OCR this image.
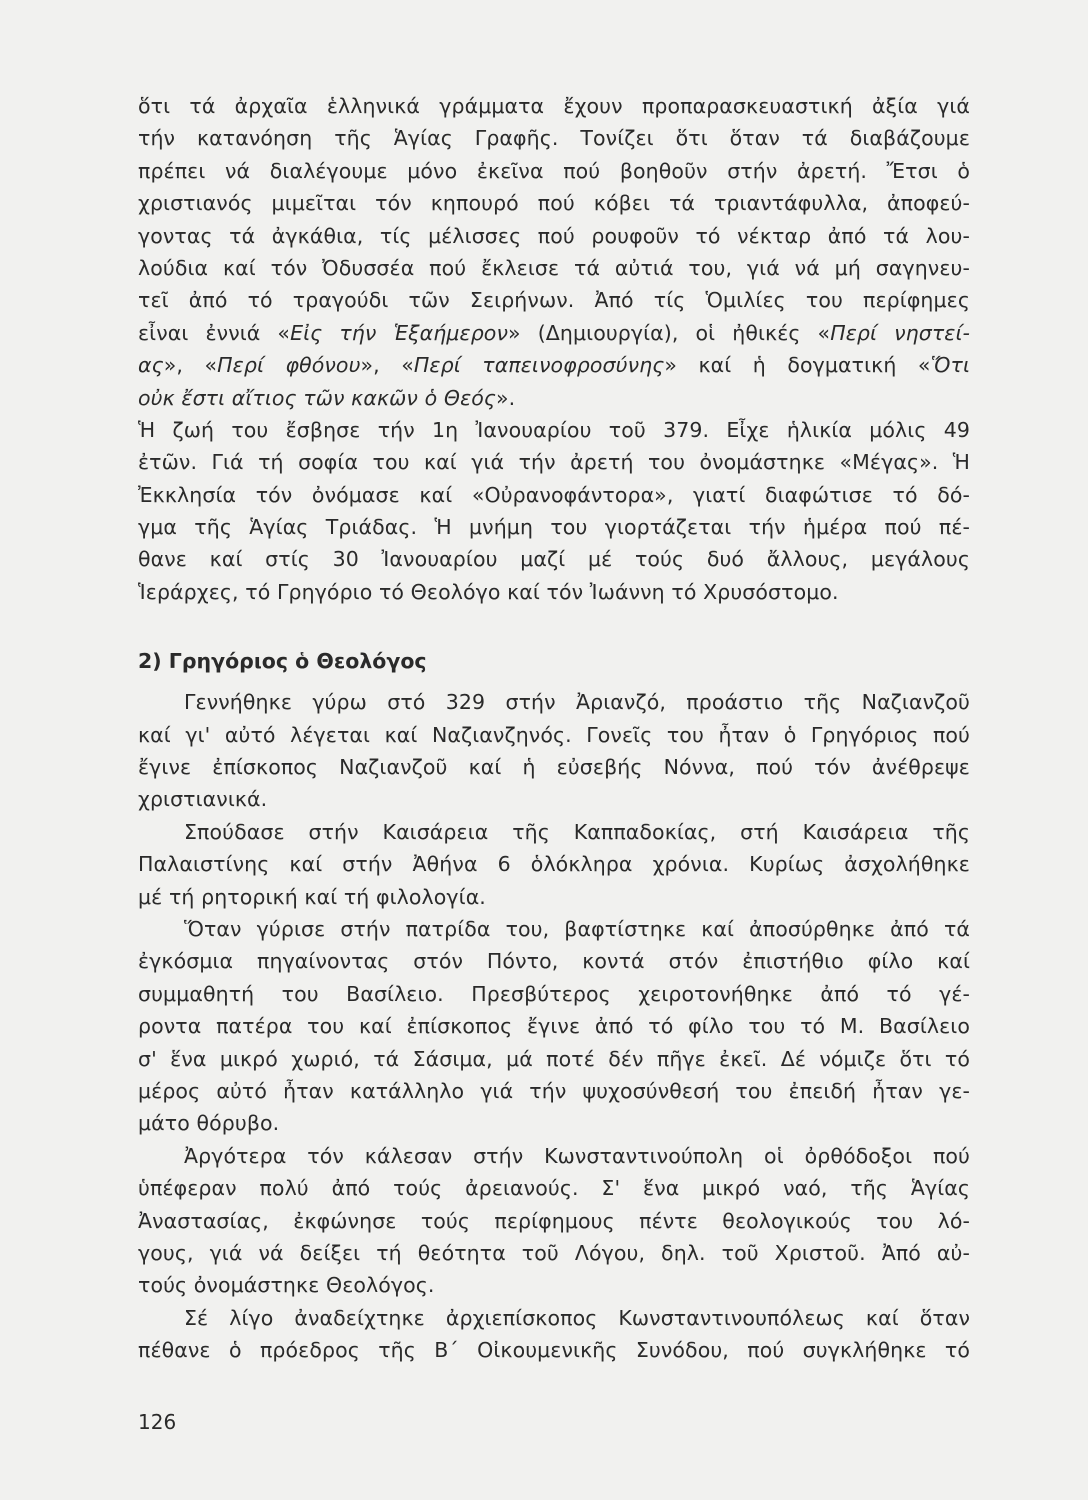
ὅτι τά ἀρχαῖα ἑλληνικά γράμματα ἔχουν προπαρασκευαστική ἀξία γιά
τήν κατανόηση τῆς Ἁγίας Γραφῆς. Τονίζει ὅτι ὅταν τά διαβάζουμε
πρέπει νά διαλέγουμε μόνο ἐκεῖνα πού βοηθοῦν στήν ἀρετή. Ἔτσι ὁ
χριστιανός μιμεῖται τόν κηπουρό πού κόβει τά τριαντάφυλλα, ἀποφεύ-
γοντας τά ἀγκάθια, τίς μέλισσες πού ρουφοῦν τό νέκταρ ἀπό τά λου-
λούδια καί τόν Ὀδυσσέα πού ἔκλεισε τά αὐτιά του, γιά νά μή σαγηνευ-
τεῖ ἀπό τό τραγούδι τῶν Σειρήνων. Ἀπό τίς Ὁμιλίες του περίφημες
εἶναι ἐννιά «Εἰς τήν Ἑξαήμερον» (Δημιουργία), οἱ ἠθικές «Περί νηστεί-
ας», «Περί φθόνου», «Περί ταπεινοφροσύνης» καί ἡ δογματική «Ὅτι
οὐκ ἔστι αἴτιος τῶν κακῶν ὁ Θεός».
Ἡ ζωή του ἔσβησε τήν 1η Ἰανουαρίου τοῦ 379. Εἶχε ἡλικία μόλις 49
ἐτῶν. Γιά τή σοφία του καί γιά τήν ἀρετή του ὀνομάστηκε «Μέγας». Ἡ
Ἐκκλησία τόν ὀνόμασε καί «Οὐρανοφάντορα», γιατί διαφώτισε τό δό-
γμα τῆς Ἁγίας Τριάδας. Ἡ μνήμη του γιορτάζεται τήν ἡμέρα πού πέ-
θανε καί στίς 30 Ἰανουαρίου μαζί μέ τούς δυό ἄλλους, μεγάλους
Ἱεράρχες, τό Γρηγόριο τό Θεολόγο καί τόν Ἰωάννη τό Χρυσόστομο.
2) Γρηγόριος ὁ Θεολόγος
Γεννήθηκε γύρω στό 329 στήν Ἀριανζό, προάστιο τῆς Ναζιανζοῦ
καί γι' αὐτό λέγεται καί Ναζιανζηνός. Γονεῖς του ἦταν ὁ Γρηγόριος πού
ἔγινε ἐπίσκοπος Ναζιανζοῦ καί ἡ εὐσεβής Νόννα, πού τόν ἀνέθρεψε
χριστιανικά.
Σπούδασε στήν Καισάρεια τῆς Καππαδοκίας, στή Καισάρεια τῆς
Παλαιστίνης καί στήν Ἀθήνα 6 ὁλόκληρα χρόνια. Κυρίως ἀσχολήθηκε
μέ τή ρητορική καί τή φιλολογία.
Ὅταν γύρισε στήν πατρίδα του, βαφτίστηκε καί ἀποσύρθηκε ἀπό τά
ἐγκόσμια πηγαίνοντας στόν Πόντο, κοντά στόν ἐπιστήθιο φίλο καί
συμμαθητή του Βασίλειο. Πρεσβύτερος χειροτονήθηκε ἀπό τό γέ-
ροντα πατέρα του καί ἐπίσκοπος ἔγινε ἀπό τό φίλο του τό Μ. Βασίλειο
σ' ἕνα μικρό χωριό, τά Σάσιμα, μά ποτέ δέν πῆγε ἐκεῖ. Δέ νόμιζε ὅτι τό
μέρος αὐτό ἦταν κατάλληλο γιά τήν ψυχοσύνθεσή του ἐπειδή ἦταν γε-
μάτο θόρυβο.
Ἀργότερα τόν κάλεσαν στήν Κωνσταντινούπολη οἱ ὀρθόδοξοι πού
ὑπέφεραν πολύ ἀπό τούς ἀρειανούς. Σ' ἕνα μικρό ναό, τῆς Ἁγίας
Ἀναστασίας, ἐκφώνησε τούς περίφημους πέντε θεολογικούς του λό-
γους, γιά νά δείξει τή θεότητα τοῦ Λόγου, δηλ. τοῦ Χριστοῦ. Ἀπό αὐ-
τούς ὀνομάστηκε Θεολόγος.
Σέ λίγο ἀναδείχτηκε ἀρχιεπίσκοπος Κωνσταντινουπόλεως καί ὅταν
πέθανε ὁ πρόεδρος τῆς Β΄ Οἰκουμενικῆς Συνόδου, πού συγκλήθηκε τό
126
